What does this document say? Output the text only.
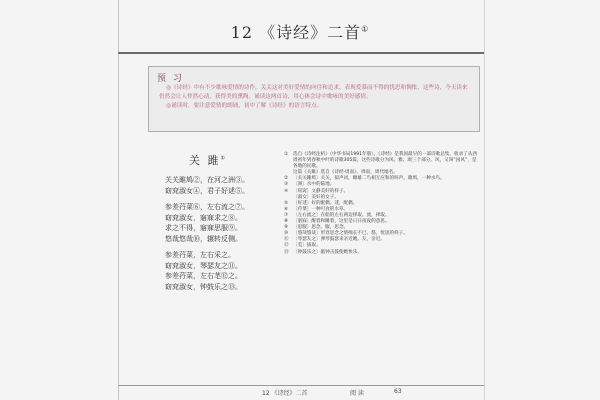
12 《诗经》二首①
预 习

◎《诗经》中有不少歌咏爱情的诗作，关关这对美好爱情的向往和追求，表现爱慕而不得的忧思和惆怅，这些诗，今天读来仍然会让人怦然心动，获得美的熏陶。诵读这两首诗，用心体会诗中歌咏的美好感情。

◎诵读时，要注意爱情的朗诵，初中了解《诗经》的语言特点。

关 雎①
关关雎鸠②，在河之洲③。
窈窕淑女④，君子好逑⑤。
参差荇菜⑥，左右流之⑦。
窈窕淑女，寤寐求之⑧。
求之不得，寤寐思服⑨。
悠哉悠哉⑩，辗转反侧。
参差荇菜，左右采之。
窈窕淑女，琴瑟友之⑪。
参差荇菜，左右芼⑫之。
窈窕淑女，钟鼓乐之⑬。
①	选自《诗经注析》（中华书局1991年版）。《诗经》是我国最早的一部诗歌总集，收录了从西周初年到春秋中叶的诗歌305篇，这些诗歌分为风、雅、颂三个部分。风，又叫“国风”，是各地的民歌。
这篇《关雎》选自《诗经·周南》。周南，周代地名。
②	〔关关雎鸠〕关关，拟声词，雌雄二鸟相互应和的叫声。雎鸠，一种水鸟。
③	〔洲〕水中的陆地。
④	〔窈窕〕文静美好的样子。
〔淑女〕美好的女子。
⑤	〔好逑〕好的配偶。逑，配偶。
⑥	〔荇菜〕一种可食的水草。
⑦	〔左右流之〕在船的左右两边择取。流，择取。
⑧	〔寤寐〕醒着和睡着，这里是日日夜夜的意思。
⑨	〔思服〕思念。服，思念。
⑩	〔悠哉悠哉〕形容思念之情绵长不已。悠，忧思的样子。
⑪ 〔琴瑟友之〕弹琴鼓瑟来亲近她。友，亲近。
⑫ 〔芼〕拔取。
⑬ 〔钟鼓乐之〕敲钟击鼓使她快乐。
12 《诗经》二首	阅 读	63
